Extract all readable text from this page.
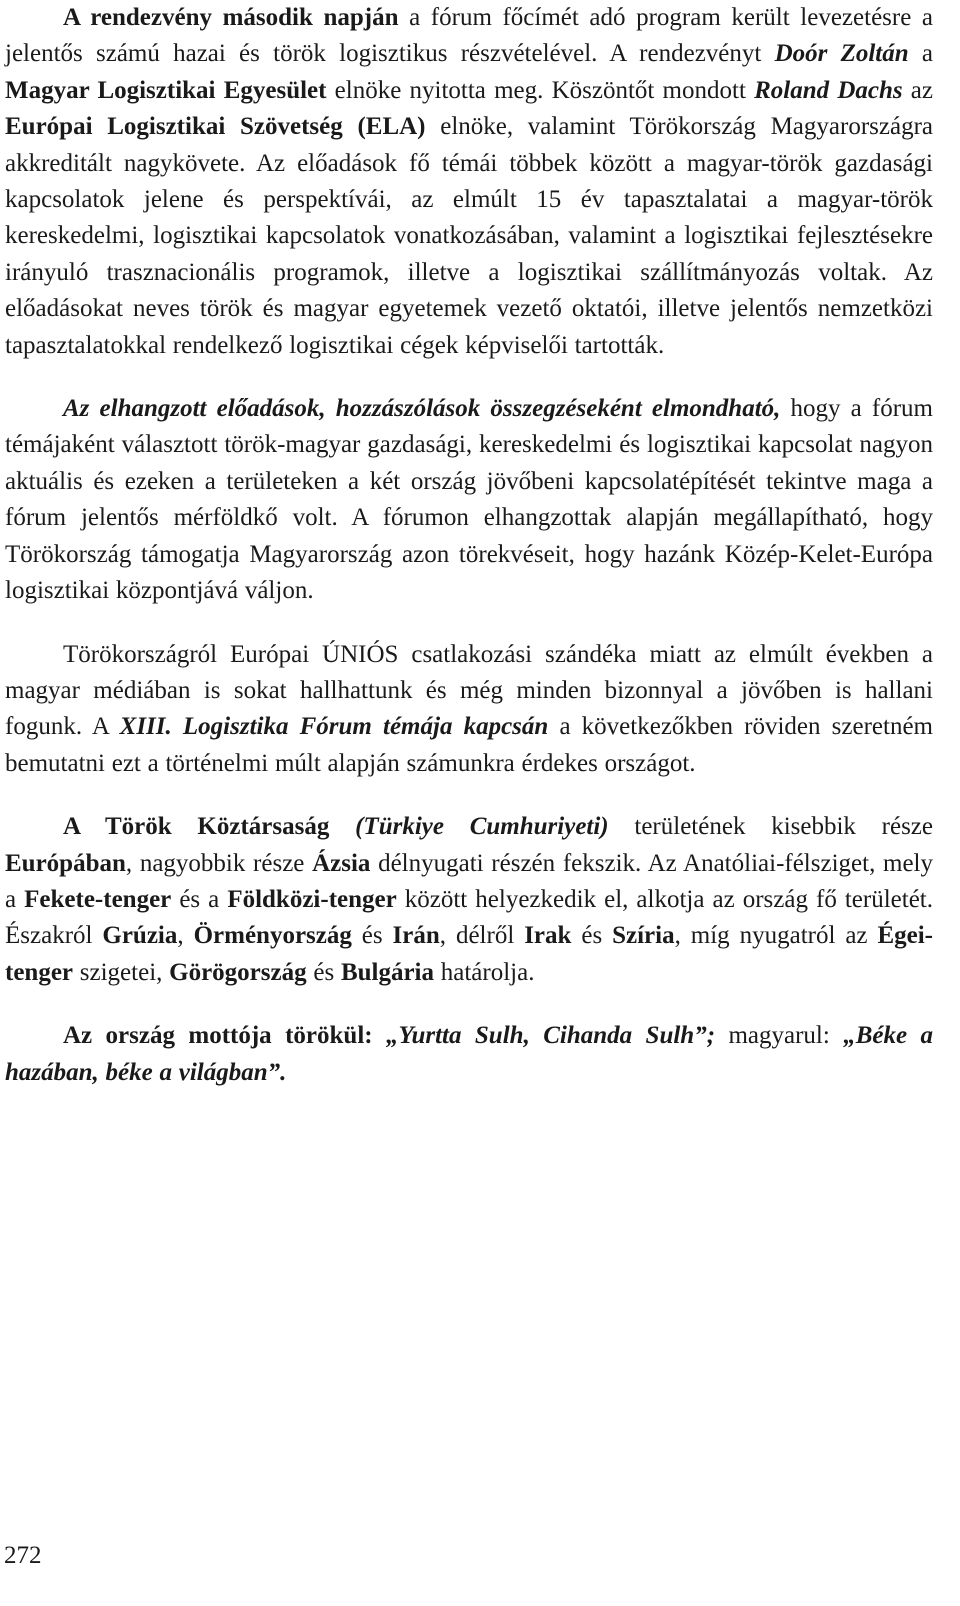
A rendezvény második napján a fórum főcímét adó program került levezetésre a jelentős számú hazai és török logisztikus részvételével. A rendezvényt Doór Zoltán a Magyar Logisztikai Egyesület elnöke nyitotta meg. Köszöntőt mondott Roland Dachs az Európai Logisztikai Szövetség (ELA) elnöke, valamint Törökország Magyarországra akkreditált nagykövete. Az előadások fő témái többek között a magyar-török gazdasági kapcsolatok jelene és perspektívái, az elmúlt 15 év tapasztalatai a magyar-török kereskedelmi, logisztikai kapcsolatok vonatkozásában, valamint a logisztikai fejlesztésekre irányuló trasznacionális programok, illetve a logisztikai szállítmányozás voltak. Az előadásokat neves török és magyar egyetemek vezető oktatói, illetve jelentős nemzetközi tapasztalatokkal rendelkező logisztikai cégek képviselői tartották.

Az elhangzott előadások, hozzászólások összegzéseként elmondható, hogy a fórum témájaként választott török-magyar gazdasági, kereskedelmi és logisztikai kapcsolat nagyon aktuális és ezeken a területeken a két ország jövőbeni kapcsolatépítését tekintve maga a fórum jelentős mérföldkő volt. A fórumon elhangzottak alapján megállapítható, hogy Törökország támogatja Magyarország azon törekvéseit, hogy hazánk Közép-Kelet-Európa logisztikai központjává váljon.

Törökországról Európai ÚNIÓS csatlakozási szándéka miatt az elmúlt években a magyar médiában is sokat hallhattunk és még minden bizonnyal a jövőben is hallani fogunk. A XIII. Logisztika Fórum témája kapcsán a következőkben röviden szeretném bemutatni ezt a történelmi múlt alapján számunkra érdekes országot.

A Török Köztársaság (Türkiye Cumhuriyeti) területének kisebbik része Európában, nagyobbik része Ázsia délnyugati részén fekszik. Az Anatóliai-félsziget, mely a Fekete-tenger és a Földközi-tenger között helyezkedik el, alkotja az ország fő területét. Északról Grúzia, Örményország és Irán, délről Irak és Szíria, míg nyugatról az Égei-tenger szigetei, Görögország és Bulgária határolja.

Az ország mottója törökül: „Yurtta Sulh, Cihanda Sulh”; magyarul: „Béke a hazában, béke a világban”.

272
